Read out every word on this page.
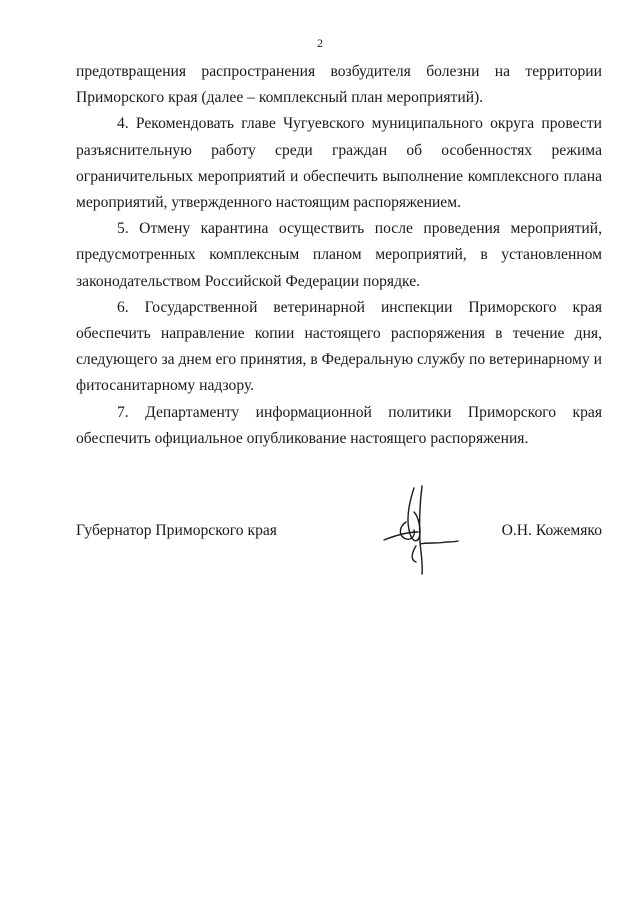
2

предотвращения распространения возбудителя болезни на территории Приморского края (далее – комплексный план мероприятий).

4. Рекомендовать главе Чугуевского муниципального округа провести разъяснительную работу среди граждан об особенностях режима ограничительных мероприятий и обеспечить выполнение комплексного плана мероприятий, утвержденного настоящим распоряжением.

5. Отмену карантина осуществить после проведения мероприятий, предусмотренных комплексным планом мероприятий, в установленном законодательством Российской Федерации порядке.

6. Государственной ветеринарной инспекции Приморского края обеспечить направление копии настоящего распоряжения в течение дня, следующего за днем его принятия, в Федеральную службу по ветеринарному и фитосанитарному надзору.

7. Департаменту информационной политики Приморского края обеспечить официальное опубликование настоящего распоряжения.

Губернатор Приморского края	О.Н. Кожемяко
